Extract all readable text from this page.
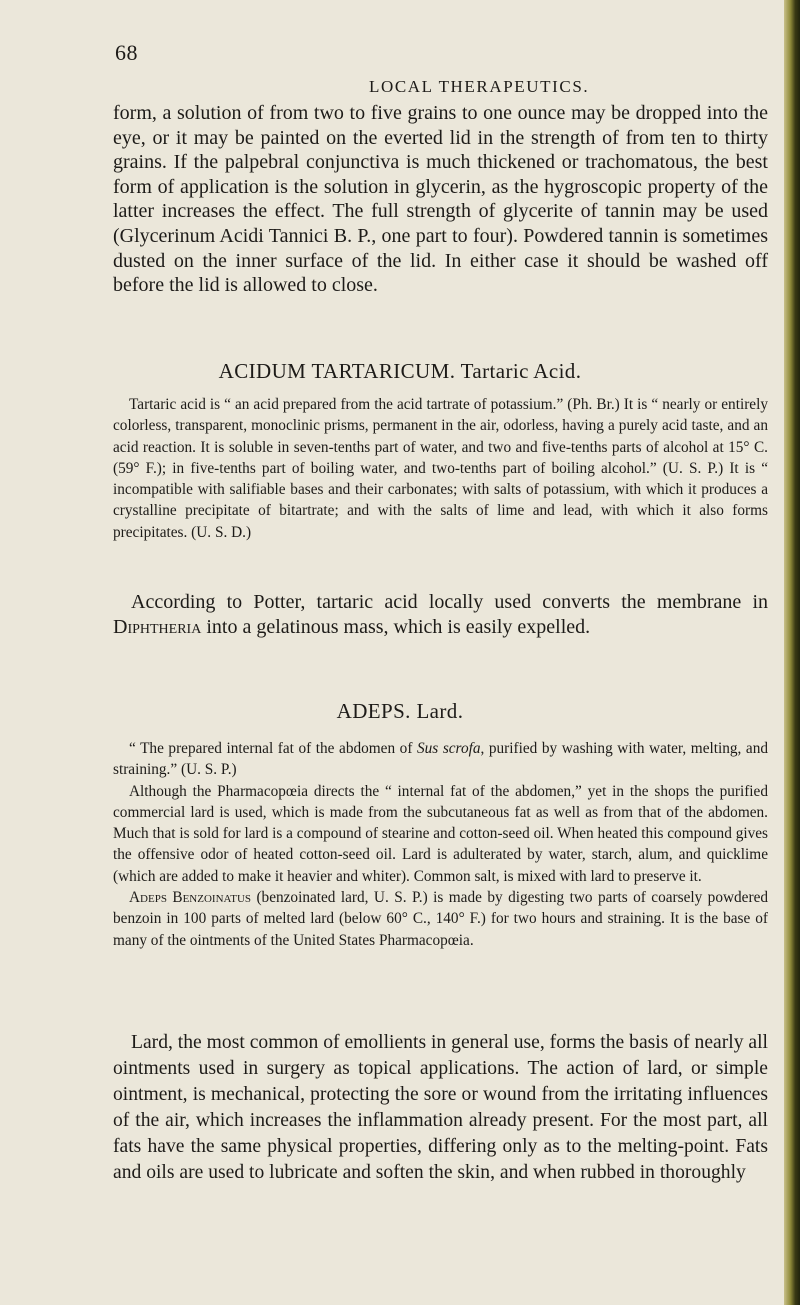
68
LOCAL THERAPEUTICS.

form, a solution of from two to five grains to one ounce may be dropped into the eye, or it may be painted on the everted lid in the strength of from ten to thirty grains. If the palpebral conjunctiva is much thickened or trachomatous, the best form of application is the solution in glycerin, as the hygroscopic property of the latter increases the effect. The full strength of glycerite of tannin may be used (Glycerinum Acidi Tannici B. P., one part to four). Powdered tannin is sometimes dusted on the inner surface of the lid. In either case it should be washed off before the lid is allowed to close.

ACIDUM TARTARICUM. Tartaric Acid.

Tartaric acid is “ an acid prepared from the acid tartrate of potassium.” (Ph. Br.) It is “ nearly or entirely colorless, transparent, monoclinic prisms, permanent in the air, odorless, having a purely acid taste, and an acid reaction. It is soluble in seven-tenths part of water, and two and five-tenths parts of alcohol at 15° C. (59° F.); in five-tenths part of boiling water, and two-tenths part of boiling alcohol.” (U. S. P.) It is “ incompatible with salifiable bases and their carbonates; with salts of potassium, with which it produces a crystalline precipitate of bitartrate; and with the salts of lime and lead, with which it also forms precipitates. (U. S. D.)

According to Potter, tartaric acid locally used converts the membrane in Diphtheria into a gelatinous mass, which is easily expelled.

ADEPS. Lard.

“ The prepared internal fat of the abdomen of Sus scrofa, purified by washing with water, melting, and straining.” (U. S. P.)

Although the Pharmacopœia directs the “ internal fat of the abdomen,” yet in the shops the purified commercial lard is used, which is made from the subcutaneous fat as well as from that of the abdomen. Much that is sold for lard is a compound of stearine and cotton-seed oil. When heated this compound gives the offensive odor of heated cotton-seed oil. Lard is adulterated by water, starch, alum, and quicklime (which are added to make it heavier and whiter). Common salt, is mixed with lard to preserve it.

Adeps Benzoinatus (benzoinated lard, U. S. P.) is made by digesting two parts of coarsely powdered benzoin in 100 parts of melted lard (below 60° C., 140° F.) for two hours and straining. It is the base of many of the ointments of the United States Pharmacopœia.

Lard, the most common of emollients in general use, forms the basis of nearly all ointments used in surgery as topical applications. The action of lard, or simple ointment, is mechanical, protecting the sore or wound from the irritating influences of the air, which increases the inflammation already present. For the most part, all fats have the same physical properties, differing only as to the melting-point. Fats and oils are used to lubricate and soften the skin, and when rubbed in thoroughly
